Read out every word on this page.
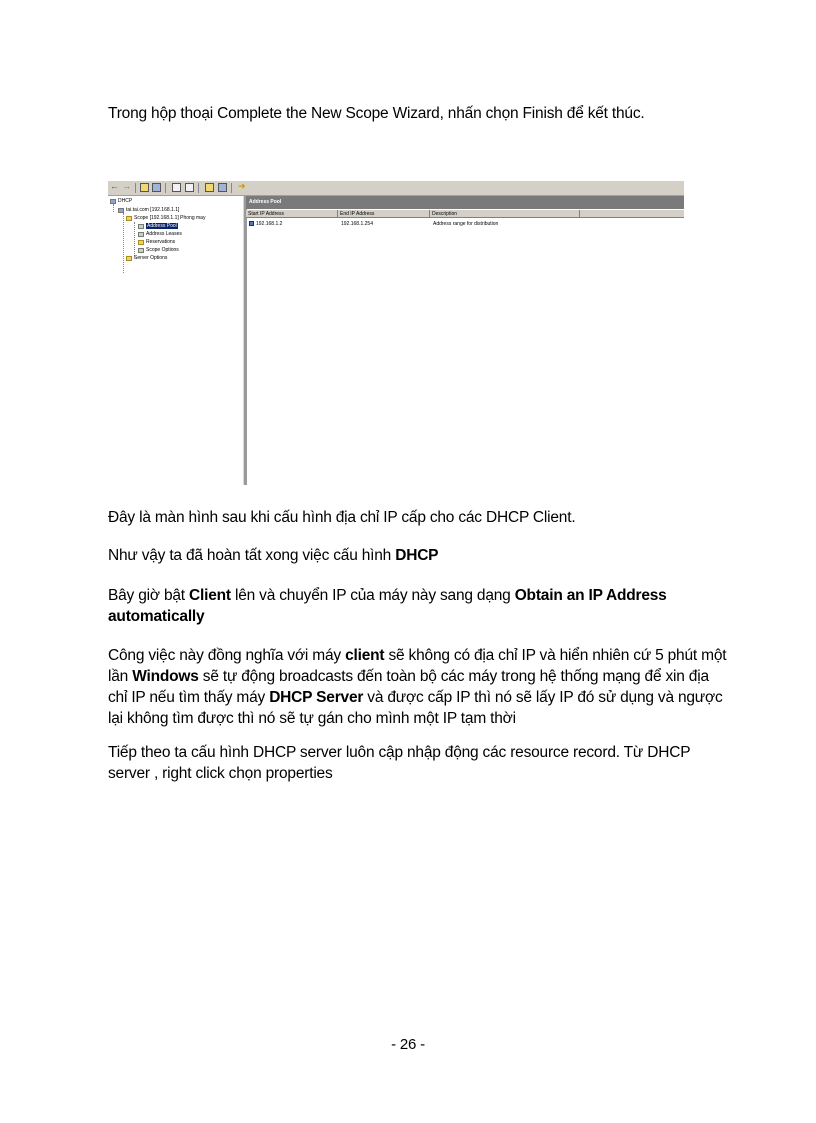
Trong hộp thoại Complete the New Scope Wizard, nhấn chọn Finish để kết thúc.

← →	➜
DHCP
tai.tai.com [192.168.1.1]
Scope [192.168.1.1] Phong may
Address Pool
Address Leases
Reservations
Scope Options
Server Options
Address Pool
Start IP Address	End IP Address	Description
192.168.1.2	192.168.1.254	Address range for distribution

Đây là màn hình sau khi cấu hình địa chỉ IP cấp cho các DHCP Client.

Như vậy ta đã hoàn tất xong việc cấu hình DHCP

Bây giờ bật Client lên và chuyển IP của máy này sang dạng Obtain an IP Address automatically

Công việc này đồng nghĩa với máy client sẽ không có địa chỉ IP và hiển nhiên cứ 5 phút một lần Windows sẽ tự động broadcasts đến toàn bộ các máy trong hệ thống mạng để xin địa chỉ IP nếu tìm thấy máy DHCP Server và được cấp IP thì nó sẽ lấy IP đó sử dụng và ngược lại không tìm được thì nó sẽ tự gán cho mình một IP tạm thời

Tiếp theo ta cấu hình DHCP server luôn cập nhập động các resource record. Từ DHCP server , right click chọn properties

- 26 -
